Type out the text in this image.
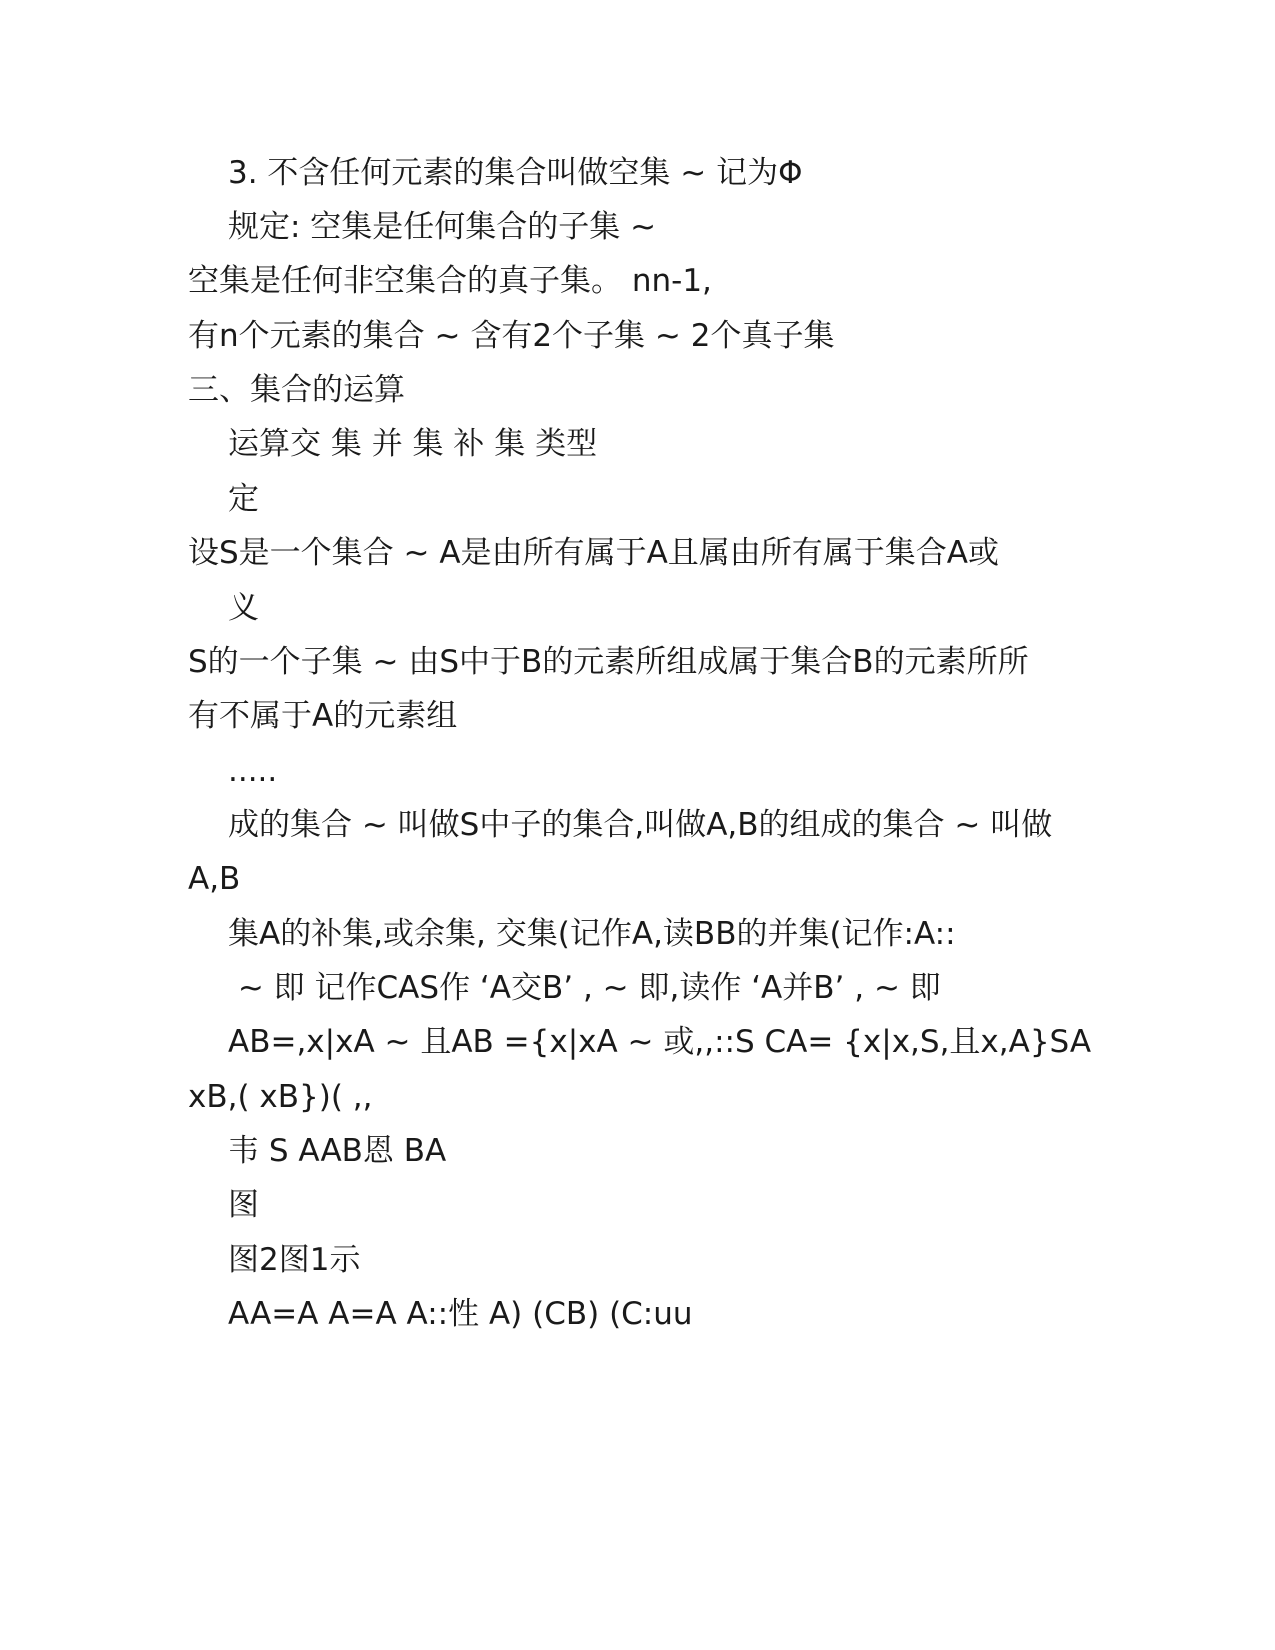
3. 不含任何元素的集合叫做空集 ~ 记为Φ
规定: 空集是任何集合的子集 ~
空集是任何非空集合的真子集。 nn-1,
有n个元素的集合 ~ 含有2个子集 ~ 2个真子集
三、集合的运算
运算交 集 并 集 补 集 类型
定
设S是一个集合 ~ A是由所有属于A且属由所有属于集合A或
义
S的一个子集 ~ 由S中于B的元素所组成属于集合B的元素所所
有不属于A的元素组
.....
成的集合 ~ 叫做S中子的集合,叫做A,B的组成的集合 ~ 叫做
A,B
集A的补集,或余集, 交集(记作A,读BB的并集(记作:A::
~ 即 记作CAS作 ‘A交B’ , ~ 即,读作 ‘A并B’ , ~ 即
AB=,x|xA ~ 且AB ={x|xA ~ 或,,::S CA= {x|x,S,且x,A}SA
xB,( xB})( ,,
韦 S AAB恩 BA
图
图2图1示
AA=A A=A A::性 A) (CB) (C:uu
